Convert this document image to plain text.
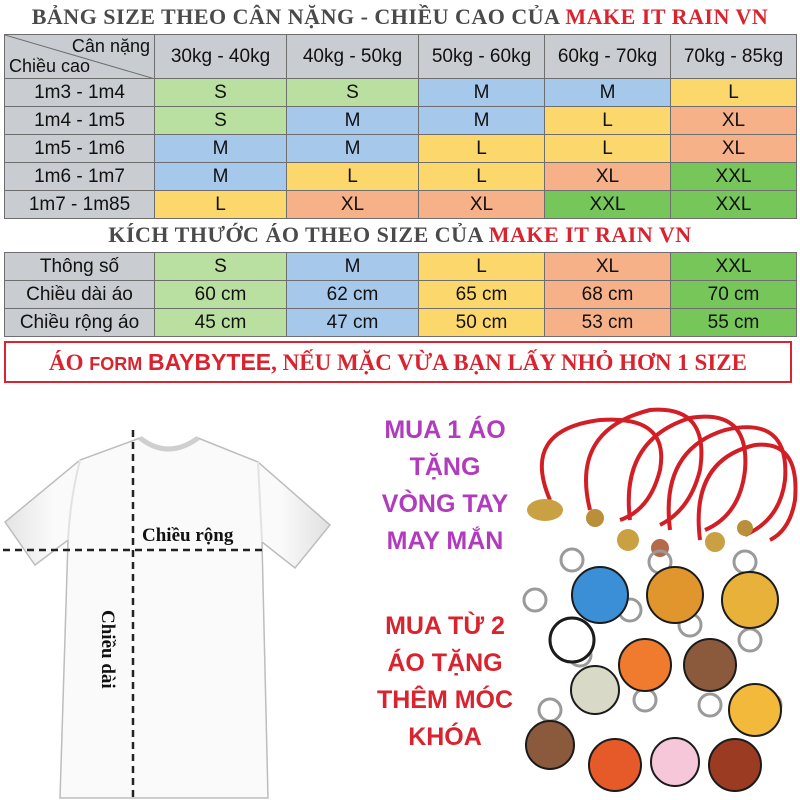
BẢNG SIZE THEO CÂN NẶNG - CHIỀU CAO CỦA MAKE IT RAIN VN
Cân nặng
Chiều cao	30kg - 40kg	40kg - 50kg	50kg - 60kg	60kg - 70kg	70kg - 85kg
1m3 - 1m4	S	S	M	M	L
1m4 - 1m5	S	M	M	L	XL
1m5 - 1m6	M	M	L	L	XL
1m6 - 1m7	M	L	L	XL	XXL
1m7 - 1m85	L	XL	XL	XXL	XXL
KÍCH THƯỚC ÁO THEO SIZE CỦA MAKE IT RAIN VN
Thông số	S	M	L	XL	XXL
Chiều dài áo	60 cm	62 cm	65 cm	68 cm	70 cm
Chiều rộng áo	45 cm	47 cm	50 cm	53 cm	55 cm
ÁO FORM BAYBYTEE, NẾU MẶC VỪA BẠN LẤY NHỎ HƠN 1 SIZE
Chiều rộng
Chiều dài
MUA 1 ÁO
TẶNG
VÒNG TAY
MAY MẮN
MUA TỪ 2
ÁO TẶNG
THÊM MÓC
KHÓA
